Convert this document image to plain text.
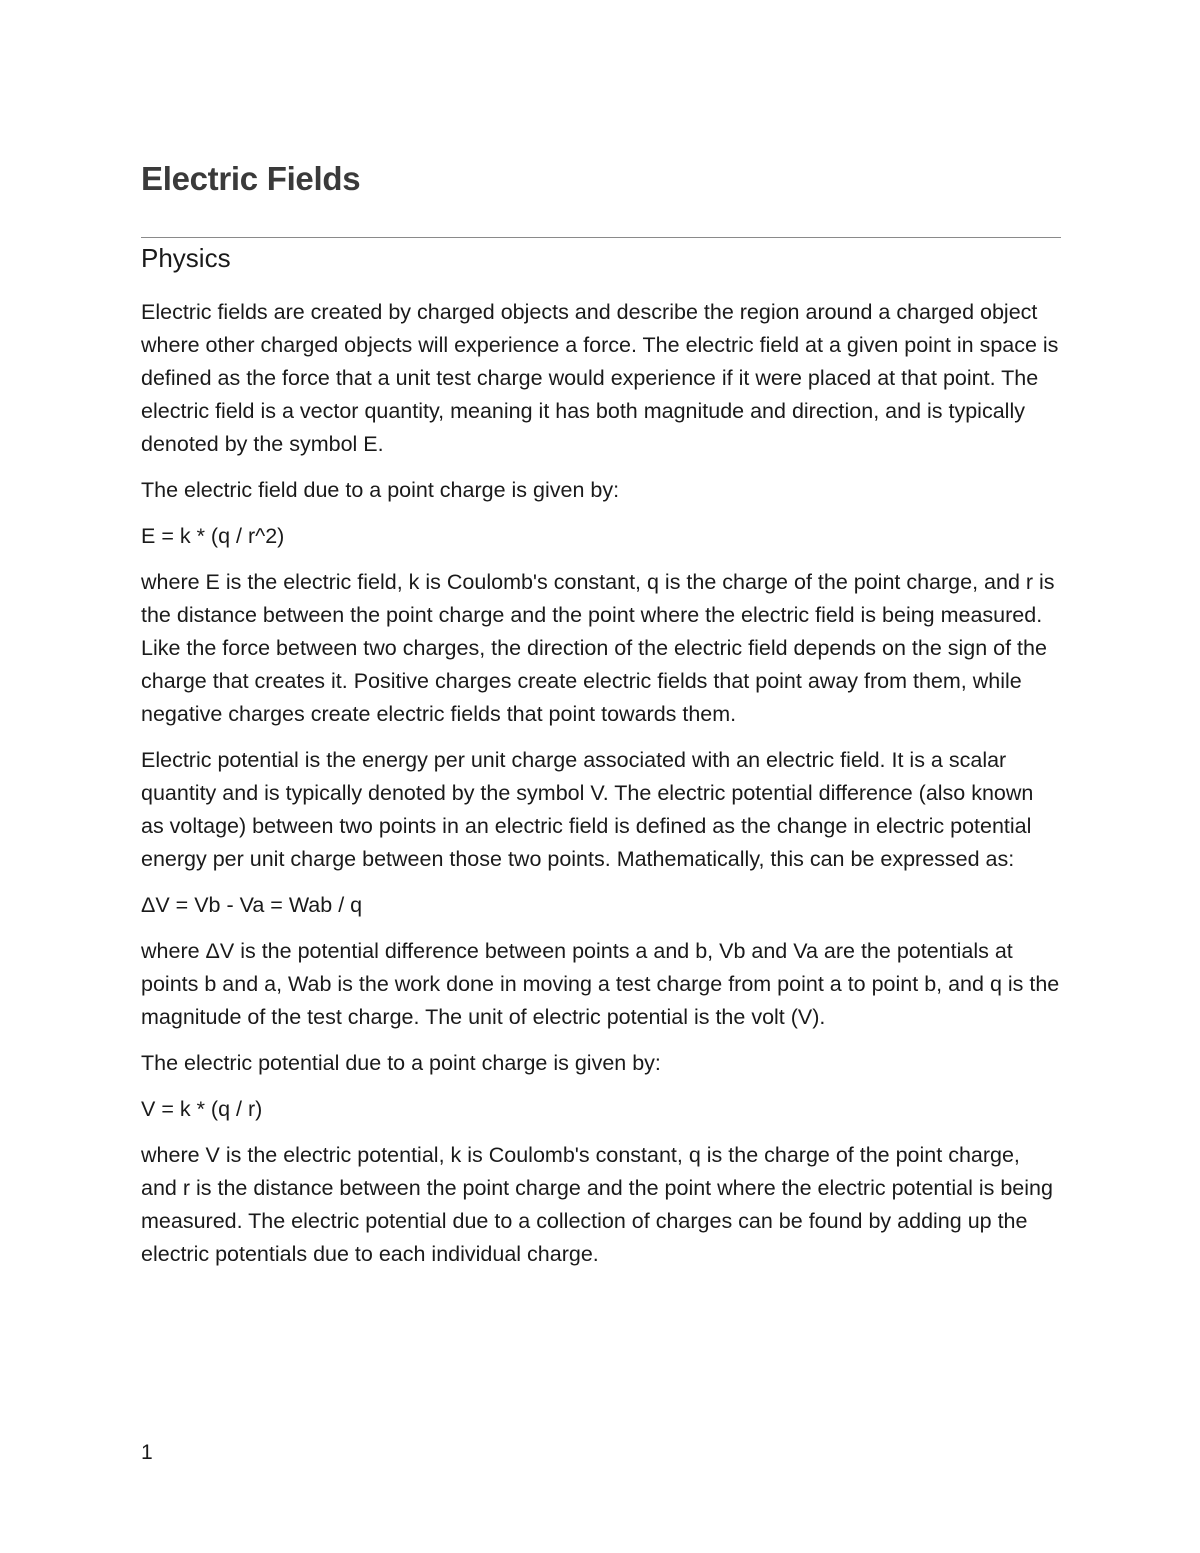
Electric Fields
Physics

Electric fields are created by charged objects and describe the region around a charged object where other charged objects will experience a force. The electric field at a given point in space is defined as the force that a unit test charge would experience if it were placed at that point. The electric field is a vector quantity, meaning it has both magnitude and direction, and is typically denoted by the symbol E.

The electric field due to a point charge is given by:

E = k * (q / r^2)

where E is the electric field, k is Coulomb's constant, q is the charge of the point charge, and r is the distance between the point charge and the point where the electric field is being measured. Like the force between two charges, the direction of the electric field depends on the sign of the charge that creates it. Positive charges create electric fields that point away from them, while negative charges create electric fields that point towards them.

Electric potential is the energy per unit charge associated with an electric field. It is a scalar quantity and is typically denoted by the symbol V. The electric potential difference (also known as voltage) between two points in an electric field is defined as the change in electric potential energy per unit charge between those two points. Mathematically, this can be expressed as:

ΔV = Vb - Va = Wab / q

where ΔV is the potential difference between points a and b, Vb and Va are the potentials at points b and a, Wab is the work done in moving a test charge from point a to point b, and q is the magnitude of the test charge. The unit of electric potential is the volt (V).

The electric potential due to a point charge is given by:

V = k * (q / r)

where V is the electric potential, k is Coulomb's constant, q is the charge of the point charge, and r is the distance between the point charge and the point where the electric potential is being measured. The electric potential due to a collection of charges can be found by adding up the electric potentials due to each individual charge.

1
